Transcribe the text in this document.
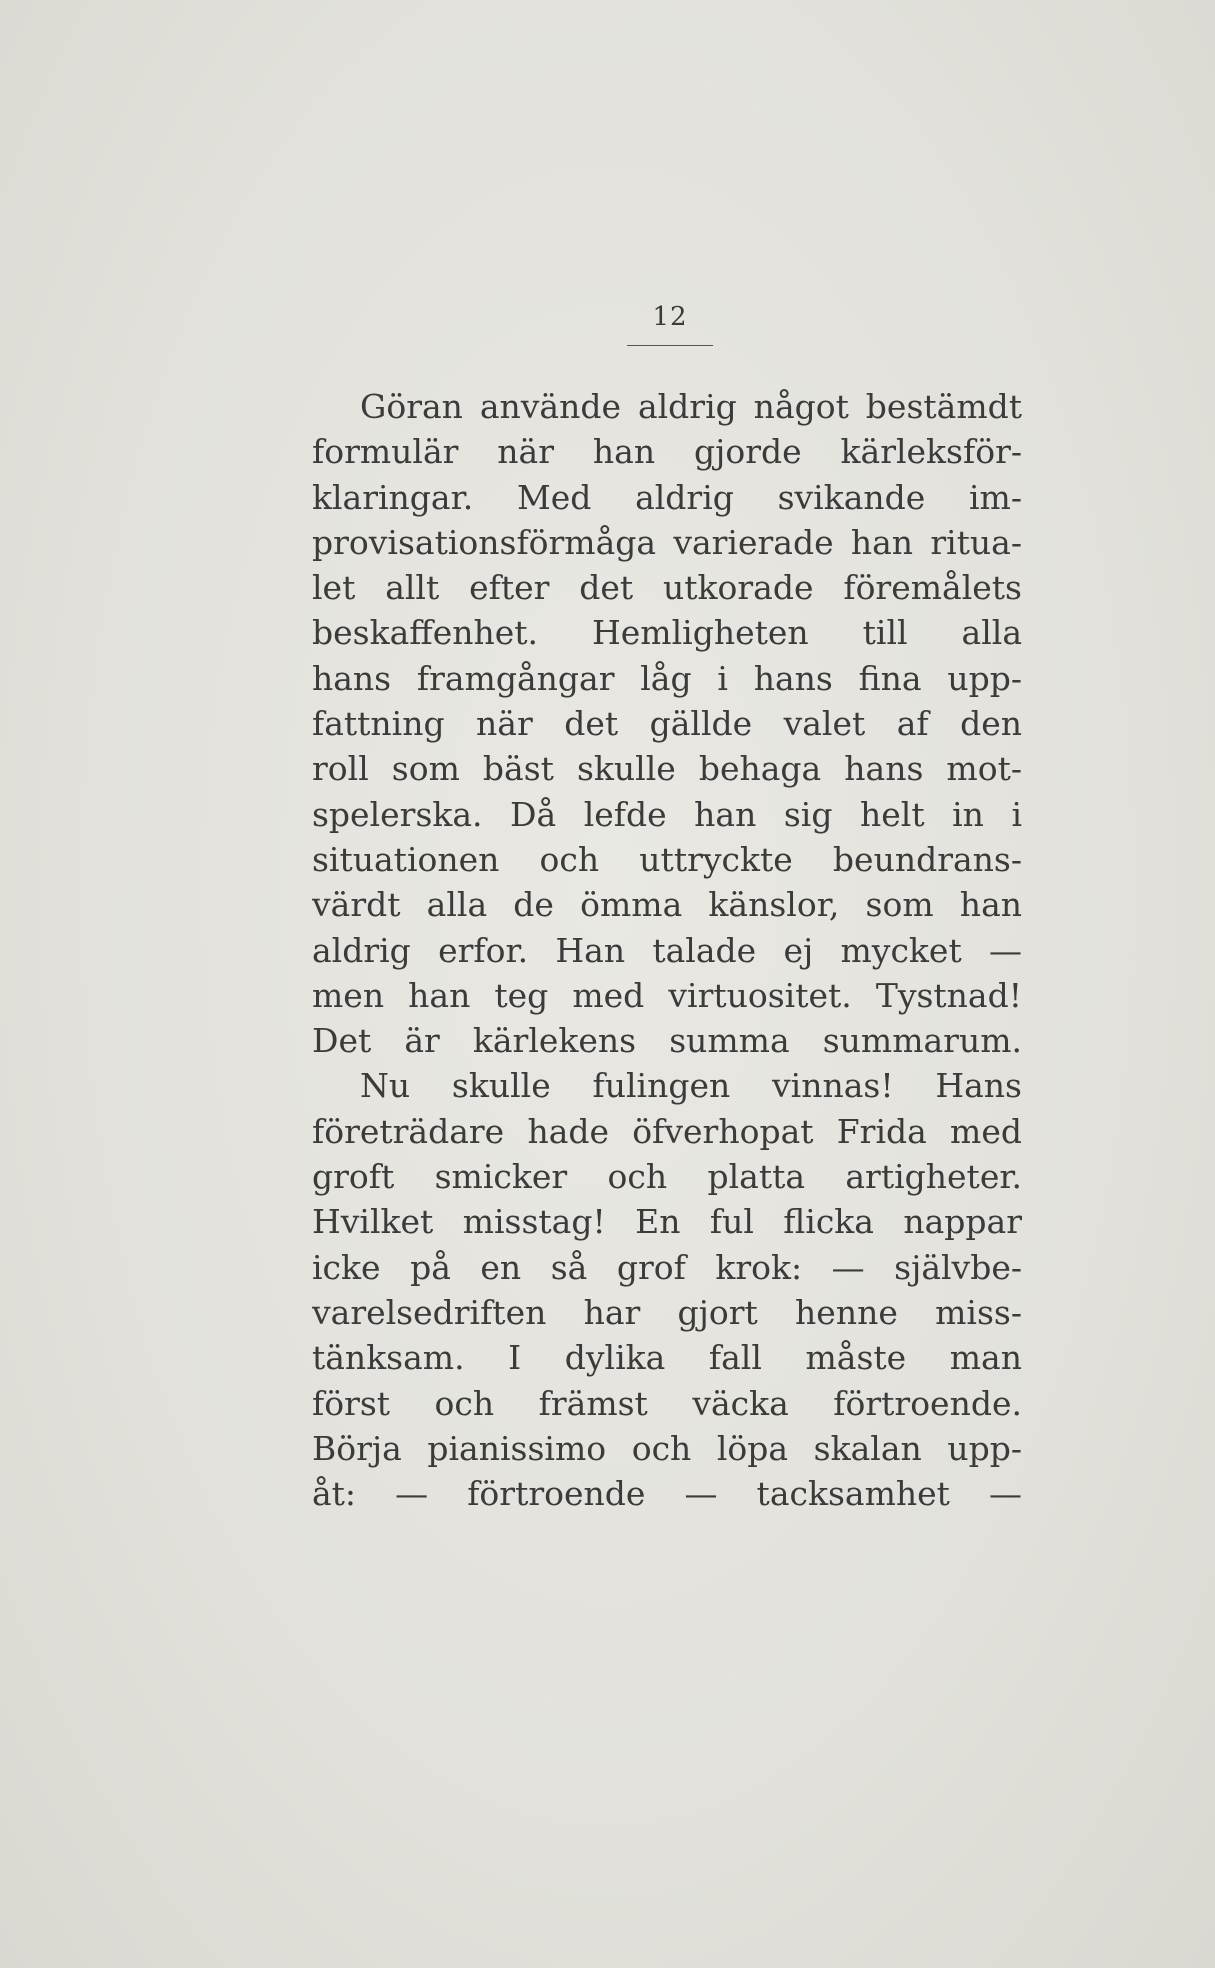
12
Göran använde aldrig något bestämdt
formulär när han gjorde kärleksför-
klaringar. Med aldrig svikande im-
provisationsförmåga varierade han ritua-
let allt efter det utkorade föremålets
beskaffenhet. Hemligheten till alla
hans framgångar låg i hans fina upp-
fattning när det gällde valet af den
roll som bäst skulle behaga hans mot-
spelerska. Då lefde han sig helt in i
situationen och uttryckte beundrans-
värdt alla de ömma känslor, som han
aldrig erfor. Han talade ej mycket —
men han teg med virtuositet. Tystnad!
Det är kärlekens summa summarum.
Nu skulle fulingen vinnas! Hans
företrädare hade öfverhopat Frida med
groft smicker och platta artigheter.
Hvilket misstag! En ful flicka nappar
icke på en så grof krok: — självbe-
varelsedriften har gjort henne miss-
tänksam. I dylika fall måste man
först och främst väcka förtroende.
Börja pianissimo och löpa skalan upp-
åt: — förtroende — tacksamhet —
